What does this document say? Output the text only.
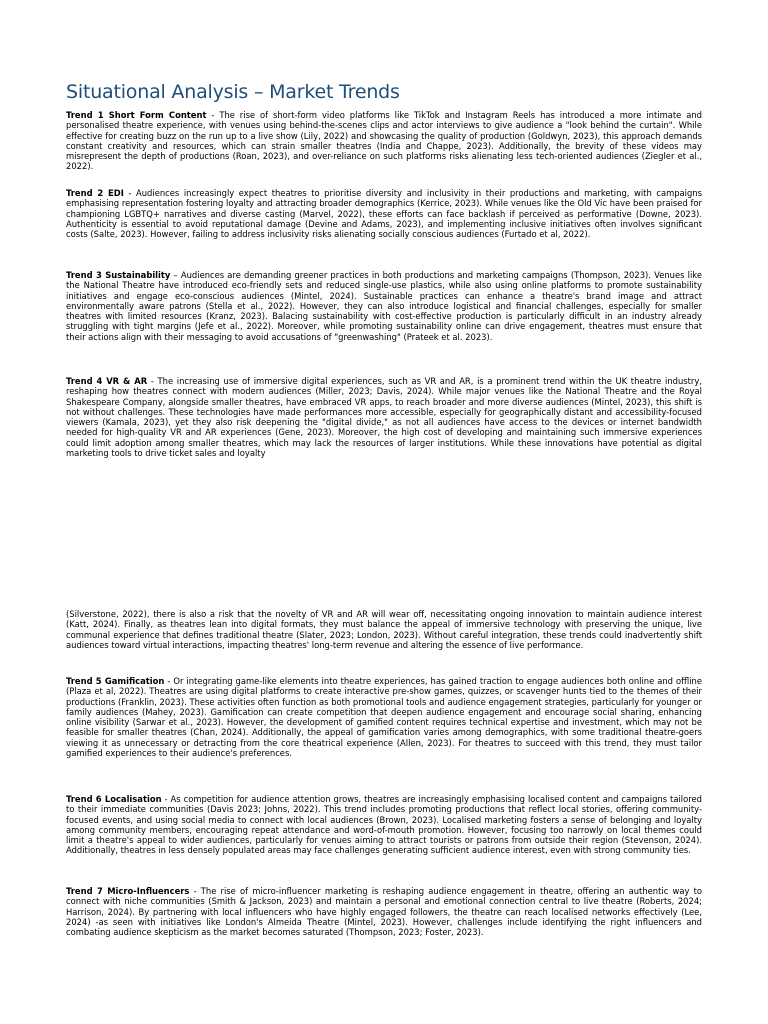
Situational Analysis – Market Trends

Trend 1 Short Form Content - The rise of short-form video platforms like TikTok and Instagram Reels has introduced a more intimate and personalised theatre experience, with venues using behind-the-scenes clips and actor interviews to give audience a "look behind the curtain". While effective for creating buzz on the run up to a live show (Lily, 2022) and showcasing the quality of production (Goldwyn, 2023), this approach demands constant creativity and resources, which can strain smaller theatres (India and Chappe, 2023). Additionally, the brevity of these videos may misrepresent the depth of productions (Roan, 2023), and over-reliance on such platforms risks alienating less tech-oriented audiences (Ziegler et al., 2022).

Trend 2 EDI - Audiences increasingly expect theatres to prioritise diversity and inclusivity in their productions and marketing, with campaigns emphasising representation fostering loyalty and attracting broader demographics (Kerrice, 2023). While venues like the Old Vic have been praised for championing LGBTQ+ narratives and diverse casting (Marvel, 2022), these efforts can face backlash if perceived as performative (Downe, 2023). Authenticity is essential to avoid reputational damage (Devine and Adams, 2023), and implementing inclusive initiatives often involves significant costs (Salte, 2023). However, failing to address inclusivity risks alienating socially conscious audiences (Furtado et al, 2022).

Trend 3 Sustainability – Audiences are demanding greener practices in both productions and marketing campaigns (Thompson, 2023). Venues like the National Theatre have introduced eco-friendly sets and reduced single-use plastics, while also using online platforms to promote sustainability initiatives and engage eco-conscious audiences (Mintel, 2024). Sustainable practices can enhance a theatre's brand image and attract environmentally aware patrons (Stella et al., 2022). However, they can also introduce logistical and financial challenges, especially for smaller theatres with limited resources (Kranz, 2023). Balacing sustainability with cost-effective production is particularly difficult in an industry already struggling with tight margins (Jefe et al., 2022). Moreover, while promoting sustainability online can drive engagement, theatres must ensure that their actions align with their messaging to avoid accusations of "greenwashing" (Prateek et al. 2023).

Trend 4 VR & AR - The increasing use of immersive digital experiences, such as VR and AR, is a prominent trend within the UK theatre industry, reshaping how theatres connect with modern audiences (Miller, 2023; Davis, 2024). While major venues like the National Theatre and the Royal Shakespeare Company, alongside smaller theatres, have embraced VR apps, to reach broader and more diverse audiences (Mintel, 2023), this shift is not without challenges. These technologies have made performances more accessible, especially for geographically distant and accessibility-focused viewers (Kamala, 2023), yet they also risk deepening the "digital divide," as not all audiences have access to the devices or internet bandwidth needed for high-quality VR and AR experiences (Gene, 2023). Moreover, the high cost of developing and maintaining such immersive experiences could limit adoption among smaller theatres, which may lack the resources of larger institutions. While these innovations have potential as digital marketing tools to drive ticket sales and loyalty

(Silverstone, 2022), there is also a risk that the novelty of VR and AR will wear off, necessitating ongoing innovation to maintain audience interest (Katt, 2024). Finally, as theatres lean into digital formats, they must balance the appeal of immersive technology with preserving the unique, live communal experience that defines traditional theatre (Slater, 2023; London, 2023). Without careful integration, these trends could inadvertently shift audiences toward virtual interactions, impacting theatres' long-term revenue and altering the essence of live performance.

Trend 5 Gamification - Or integrating game-like elements into theatre experiences, has gained traction to engage audiences both online and offline (Plaza et al, 2022). Theatres are using digital platforms to create interactive pre-show games, quizzes, or scavenger hunts tied to the themes of their productions (Franklin, 2023). These activities often function as both promotional tools and audience engagement strategies, particularly for younger or family audiences (Mahey, 2023). Gamification can create competition that deepen audience engagement and encourage social sharing, enhancing online visibility (Sarwar et al., 2023). However, the development of gamified content requires technical expertise and investment, which may not be feasible for smaller theatres (Chan, 2024). Additionally, the appeal of gamification varies among demographics, with some traditional theatre-goers viewing it as unnecessary or detracting from the core theatrical experience (Allen, 2023). For theatres to succeed with this trend, they must tailor gamified experiences to their audience's preferences.

Trend 6 Localisation - As competition for audience attention grows, theatres are increasingly emphasising localised content and campaigns tailored to their immediate communities (Davis 2023; Johns, 2022). This trend includes promoting productions that reflect local stories, offering community-focused events, and using social media to connect with local audiences (Brown, 2023). Localised marketing fosters a sense of belonging and loyalty among community members, encouraging repeat attendance and word-of-mouth promotion. However, focusing too narrowly on local themes could limit a theatre's appeal to wider audiences, particularly for venues aiming to attract tourists or patrons from outside their region (Stevenson, 2024). Additionally, theatres in less densely populated areas may face challenges generating sufficient audience interest, even with strong community ties.

Trend 7 Micro-Influencers - The rise of micro-influencer marketing is reshaping audience engagement in theatre, offering an authentic way to connect with niche communities (Smith & Jackson, 2023) and maintain a personal and emotional connection central to live theatre (Roberts, 2024; Harrison, 2024). By partnering with local influencers who have highly engaged followers, the theatre can reach localised networks effectively (Lee, 2024) -as seen with initiatives like London's Almeida Theatre (Mintel, 2023). However, challenges include identifying the right influencers and combating audience skepticism as the market becomes saturated (Thompson, 2023; Foster, 2023).
